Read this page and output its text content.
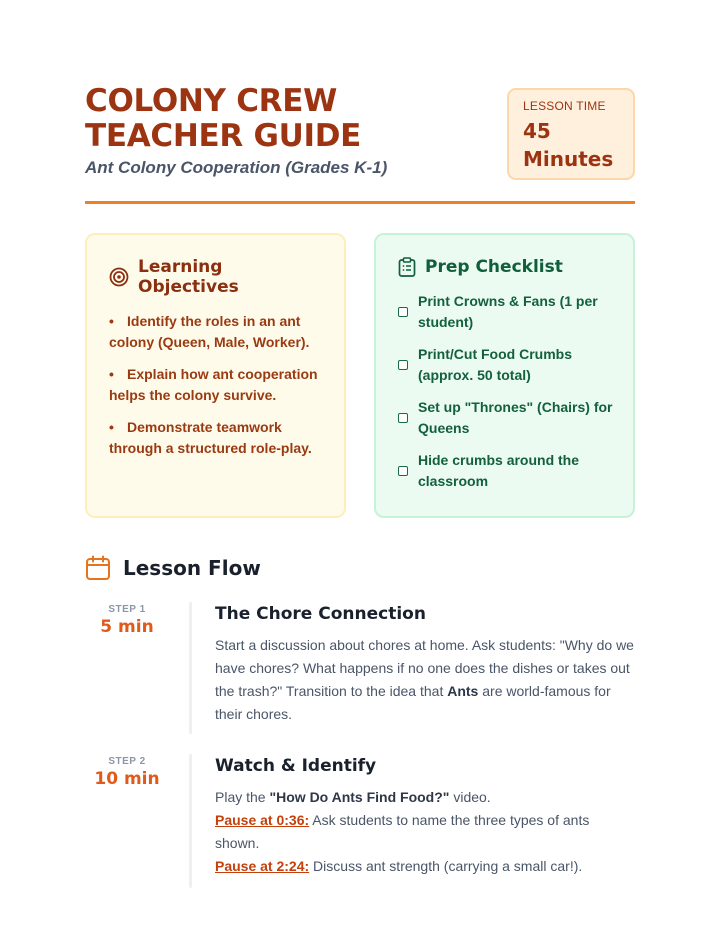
COLONY CREW TEACHER GUIDE
Ant Colony Cooperation (Grades K-1)
LESSON TIME
45 Minutes
Learning Objectives
• Identify the roles in an ant colony (Queen, Male, Worker).
• Explain how ant cooperation helps the colony survive.
• Demonstrate teamwork through a structured role-play.
Prep Checklist
Print Crowns & Fans (1 per student)
Print/Cut Food Crumbs (approx. 50 total)
Set up "Thrones" (Chairs) for Queens
Hide crumbs around the classroom
Lesson Flow
STEP 1
5 min
The Chore Connection
Start a discussion about chores at home. Ask students: "Why do we have chores? What happens if no one does the dishes or takes out the trash?" Transition to the idea that Ants are world-famous for their chores.
STEP 2
10 min
Watch & Identify
Play the "How Do Ants Find Food?" video.
Pause at 0:36: Ask students to name the three types of ants shown.
Pause at 2:24: Discuss ant strength (carrying a small car!).
